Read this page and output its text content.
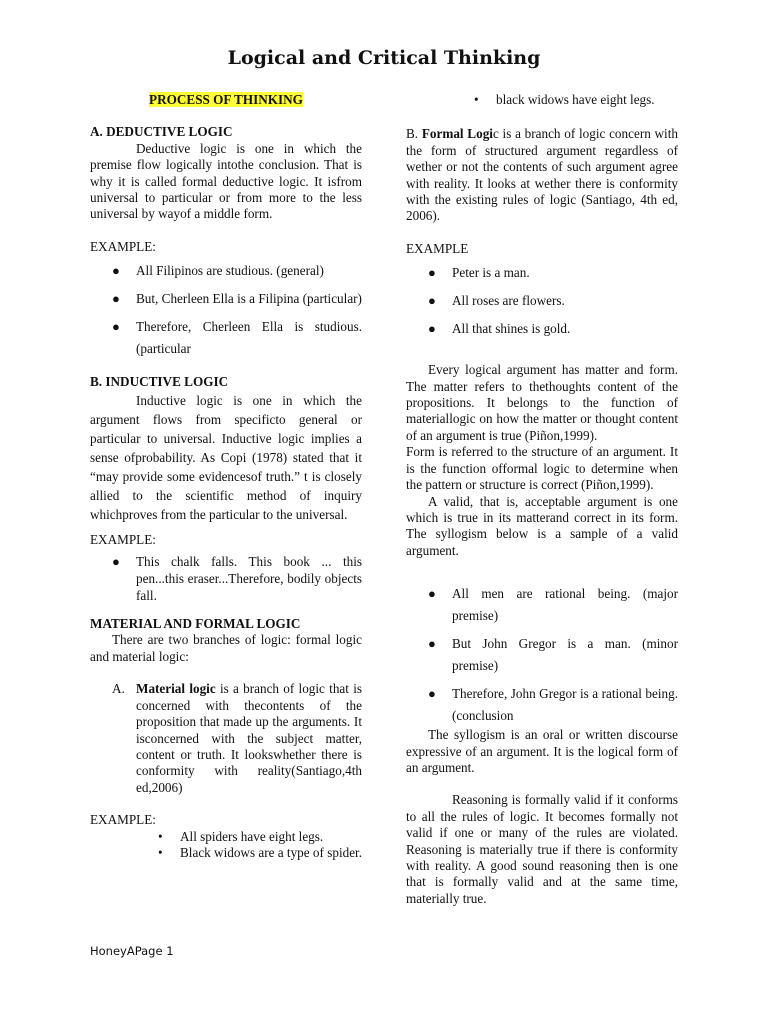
Logical and Critical Thinking

PROCESS OF THINKING

A. DEDUCTIVE LOGIC

Deductive logic is one in which the premise flow logically intothe conclusion. That is why it is called formal deductive logic. It isfrom universal to particular or from more to the less universal by wayof a middle form.

EXAMPLE:

● All Filipinos are studious. (general)
● But, Cherleen Ella is a Filipina (particular)
● Therefore, Cherleen Ella is studious. (particular

B. INDUCTIVE LOGIC

Inductive logic is one in which the argument flows from specificto general or particular to universal. Inductive logic implies a sense ofprobability. As Copi (1978) stated that it “may provide some evidencesof truth.” t is closely allied to the scientific method of inquiry whichproves from the particular to the universal.

EXAMPLE:

● This chalk falls. This book ... this pen...this eraser...Therefore, bodily objects fall.

MATERIAL AND FORMAL LOGIC

There are two branches of logic: formal logic and material logic:

A. Material logic is a branch of logic that is concerned with thecontents of the proposition that made up the arguments. It isconcerned with the subject matter, content or truth. It lookswhether there is conformity with reality(Santiago,4th ed,2006)

EXAMPLE:

• All spiders have eight legs.
• Black widows are a type of spider.
• black widows have eight legs.

B. Formal Logic is a branch of logic concern with the form of structured argument regardless of wether or not the contents of such argument agree with reality. It looks at wether there is conformity with the existing rules of logic (Santiago, 4th ed, 2006).

EXAMPLE

● Peter is a man.
● All roses are flowers.
● All that shines is gold.

Every logical argument has matter and form. The matter refers to thethoughts content of the propositions. It belongs to the function of materiallogic on how the matter or thought content of an argument is true (Piñon,1999).

Form is referred to the structure of an argument. It is the function offormal logic to determine when the pattern or structure is correct (Piñon,1999).

A valid, that is, acceptable argument is one which is true in its matterand correct in its form. The syllogism below is a sample of a valid argument.

● All men are rational being. (major premise)
● But John Gregor is a man. (minor premise)
● Therefore, John Gregor is a rational being. (conclusion

The syllogism is an oral or written discourse expressive of an argument. It is the logical form of an argument.

Reasoning is formally valid if it conforms to all the rules of logic. It becomes formally not valid if one or many of the rules are violated. Reasoning is materially true if there is conformity with reality. A good sound reasoning then is one that is formally valid and at the same time, materially true.

HoneyAPage 1
